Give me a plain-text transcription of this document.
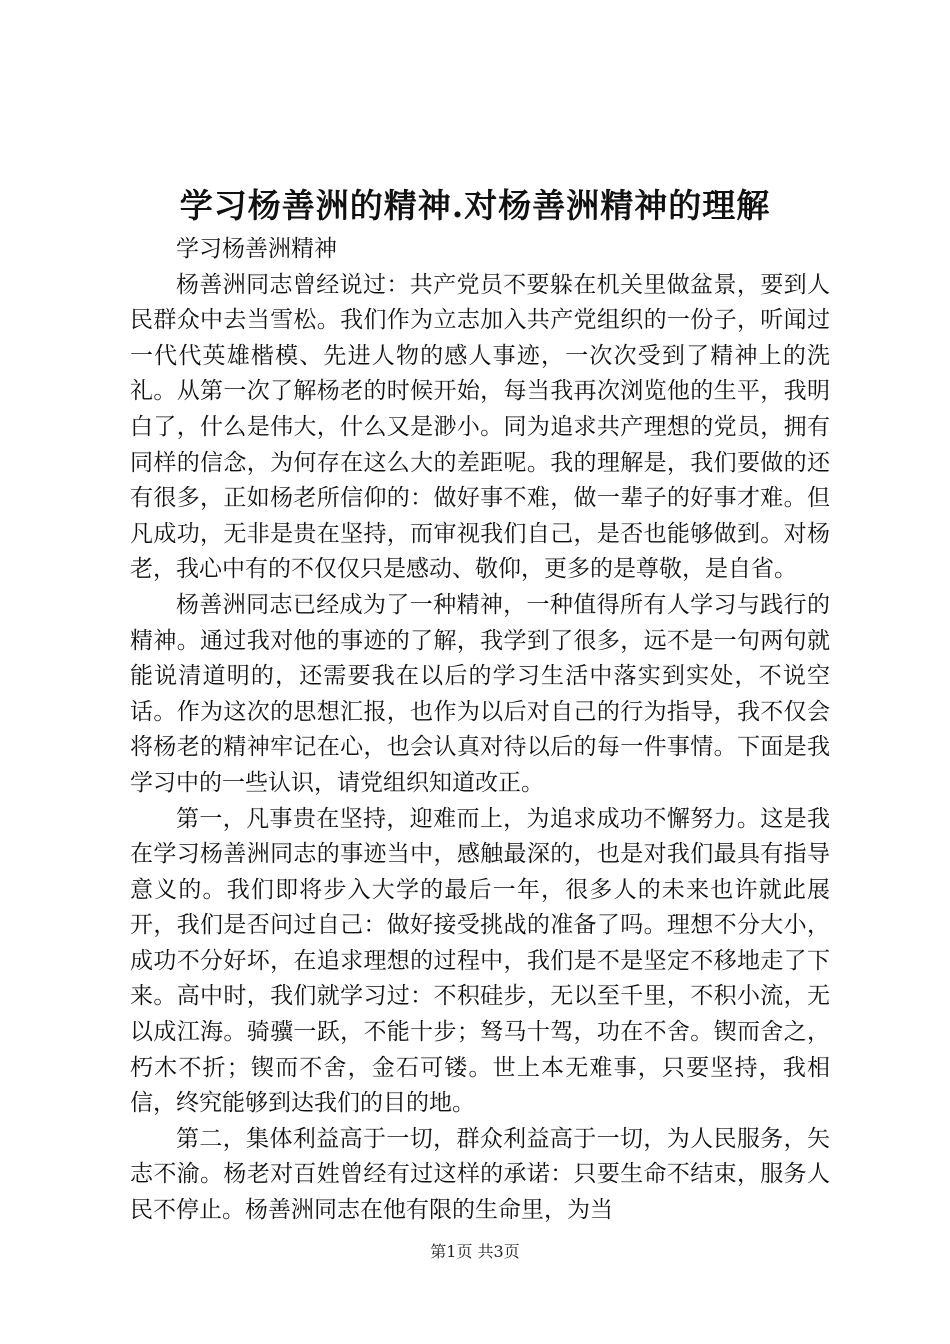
学习杨善洲的精神.对杨善洲精神的理解

学习杨善洲精神

杨善洲同志曾经说过：共产党员不要躲在机关里做盆景，要到人民群众中去当雪松。我们作为立志加入共产党组织的一份子，听闻过一代代英雄楷模、先进人物的感人事迹，一次次受到了精神上的洗礼。从第一次了解杨老的时候开始，每当我再次浏览他的生平，我明白了，什么是伟大，什么又是渺小。同为追求共产理想的党员，拥有同样的信念，为何存在这么大的差距呢。我的理解是，我们要做的还有很多，正如杨老所信仰的：做好事不难，做一辈子的好事才难。但凡成功，无非是贵在坚持，而审视我们自己，是否也能够做到。对杨老，我心中有的不仅仅只是感动、敬仰，更多的是尊敬，是自省。

杨善洲同志已经成为了一种精神，一种值得所有人学习与践行的精神。通过我对他的事迹的了解，我学到了很多，远不是一句两句就能说清道明的，还需要我在以后的学习生活中落实到实处，不说空话。作为这次的思想汇报，也作为以后对自己的行为指导，我不仅会将杨老的精神牢记在心，也会认真对待以后的每一件事情。下面是我学习中的一些认识，请党组织知道改正。

第一，凡事贵在坚持，迎难而上，为追求成功不懈努力。这是我在学习杨善洲同志的事迹当中，感触最深的，也是对我们最具有指导意义的。我们即将步入大学的最后一年，很多人的未来也许就此展开，我们是否问过自己：做好接受挑战的准备了吗。理想不分大小，成功不分好坏，在追求理想的过程中，我们是不是坚定不移地走了下来。高中时，我们就学习过：不积硅步，无以至千里，不积小流，无以成江海。骑骥一跃，不能十步；驽马十驾，功在不舍。锲而舍之，朽木不折；锲而不舍，金石可镂。世上本无难事，只要坚持，我相信，终究能够到达我们的目的地。

第二，集体利益高于一切，群众利益高于一切，为人民服务，矢志不渝。杨老对百姓曾经有过这样的承诺：只要生命不结束，服务人民不停止。杨善洲同志在他有限的生命里，为当

第1页 共3页
